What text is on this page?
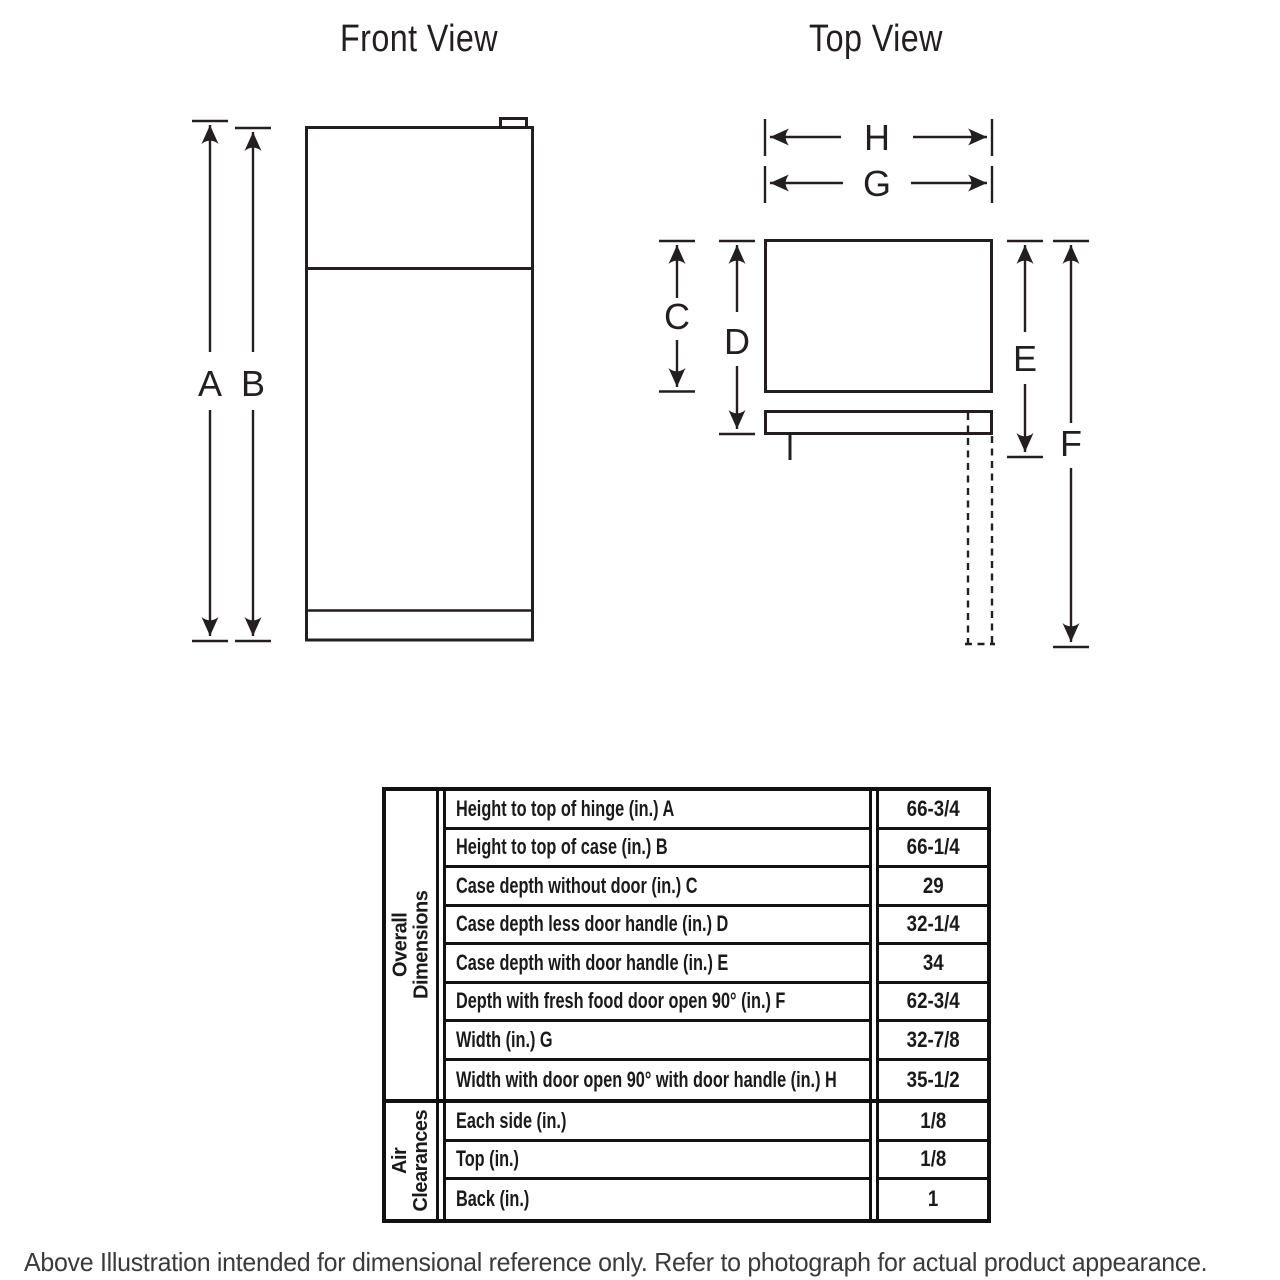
Front View	Top View
A B
H
G
C
D	E
F
Overall
Dimensions
Height to top of hinge (in.) A	66-3/4
Height to top of case (in.) B	66-1/4
Case depth without door (in.) C	29
Case depth less door handle (in.) D	32-1/4
Case depth with door handle (in.) E	34
Depth with fresh food door open 90° (in.) F	62-3/4
Width (in.) G	32-7/8
Width with door open 90° with door handle (in.) H	35-1/2
Air
Clearances Each side (in.)	1/8
Top (in.)	1/8
Back (in.)	1
Above Illustration intended for dimensional reference only. Refer to photograph for actual product appearance.
